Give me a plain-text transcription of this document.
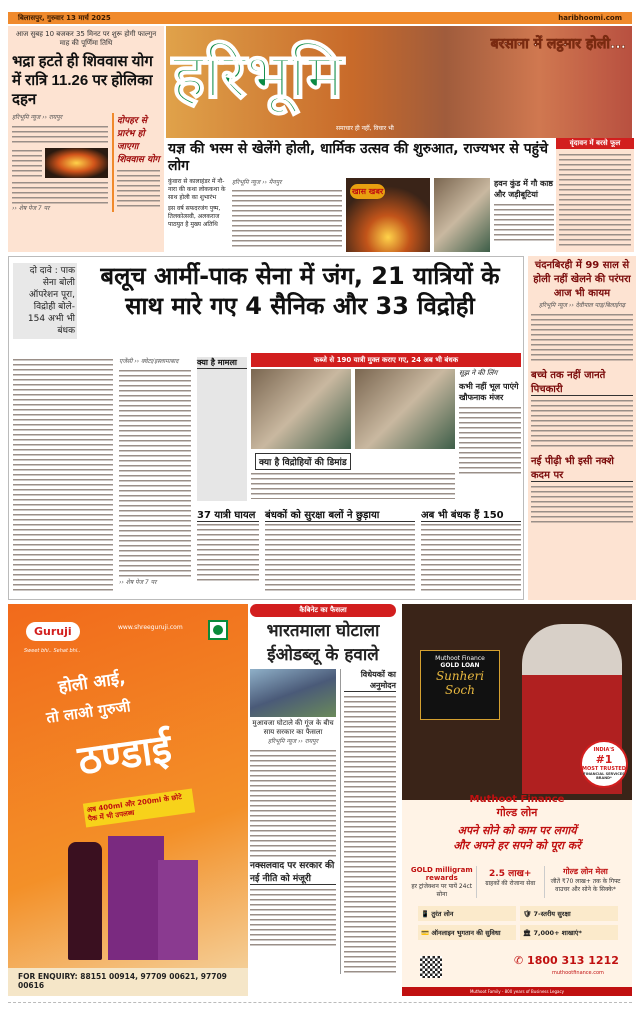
बिलासपुर, गुरुवार 13 मार्च 2025	haribhoomi.com
आज सुबह 10 बजकर 35 मिनट पर शुरू होगी फाल्गुन माह की पूर्णिमा तिथि
भद्रा हटते ही शिववास योग में रात्रि 11.26 पर होलिका दहन
हरिभूमि न्यूज ›› रायपुर
›› शेष पेज 7 पर
दोपहर से प्रारंभ हो जाएगा शिववास योग
हरिभूमि	बरसाना में लट्ठमार होली...
समाचार ही नहीं, विचार भी
यज्ञ की भस्म से खेलेंगे होली, धार्मिक उत्सव की शुरुआत, राज्यभर से पहुंचे लोग
कुंवारा से कालाहंडर में नौ-नारा की कथा लोककथा के साथ होली का शुभारंभ
इस वर्ष सफदरजंग पुष्प, तिलकोत्सवी, अलकराज पाठयुत है मुख्य अतिथि
हरिभूमि न्यूज ›› मैनपुर
खास खबर
हवन कुंड में गौ काष्ठ और जड़ीबूटियां
वृंदावन में बरसे फूल
दो दावे : पाक सेना बोली ऑपरेशन पूरा, विद्रोही बोले- 154 अभी भी बंधक
बलूच आर्मी-पाक सेना में जंग, 21 यात्रियों के साथ मारे गए 4 सैनिक और 33 विद्रोही
एजेंसी ›› क्वेटा/इस्लामाबाद
›› शेष पेज 7 पर
क्या है मामला	कब्जे से 190 यात्री मुक्त कराए गए, 24 अब भी बंधक
क्या है विद्रोहियों की डिमांड
सूझ ने की लिंग
कभी नहीं भूल पाएंगे खौफनाक मंजर
37 यात्री घायल बंधकों को सुरक्षा बलों ने छुड़ाया	अब भी बंधक हैं 150
चंदनबिरही में 99 साल से होली नहीं खेलने की परंपरा आज भी कायम
हरिभूमि न्यूज ›› देवीपाल पाड़/बिलाईगढ़
बच्चे तक नहीं जानते पिचकारी
नई पीढ़ी भी इसी नक्शे कदम पर
Guruji
Sweet bhi.. Sehat bhi..
www.shreeguruji.com
होली आई,
तो लाओ गुरुजी
ठण्डाई
अब 400ml और 200ml के छोटे पैक में भी उपलब्ध
FOR ENQUIRY: 88151 00914, 97709 00621, 97709 00616
कैबिनेट का फैसला
भारतमाला घोटाला ईओडब्लू के हवाले
मुआवजा घोटाले की गूंज के बीच साय सरकार का फैसला
हरिभूमि न्यूज ›› रायपुर
नक्सलवाद पर सरकार की नई नीति को मंजूरी
विधेयकों का अनुमोदन
Muthoot Finance
GOLD LOAN
Sunheri Soch
INDIA'S
#1
MOST TRUSTED
FINANCIAL SERVICES BRAND*
Muthoot Finance
गोल्ड लोन
अपने सोने को काम पर लगायें
और अपने हर सपने को पूरा करें
GOLD milligram rewards
हर ट्रांजेक्शन पर पायें 24ct सोना
2.5 लाख+
ग्राहकों की रोजाना सेवा
गोल्ड लोन मेला
जीतें ₹70 लाख+ तक के गिफ्ट वाउचर और सोने के सिक्के*
📱 तुरंत लोन	🛡 7-स्तरीय सुरक्षा
💳 ऑनलाइन भुगतान की सुविधा	🏛 7,000+ शाखाएं*
✆ 1800 313 1212
muthootfinance.com
Muthoot Family - 800 years of Business Legacy
